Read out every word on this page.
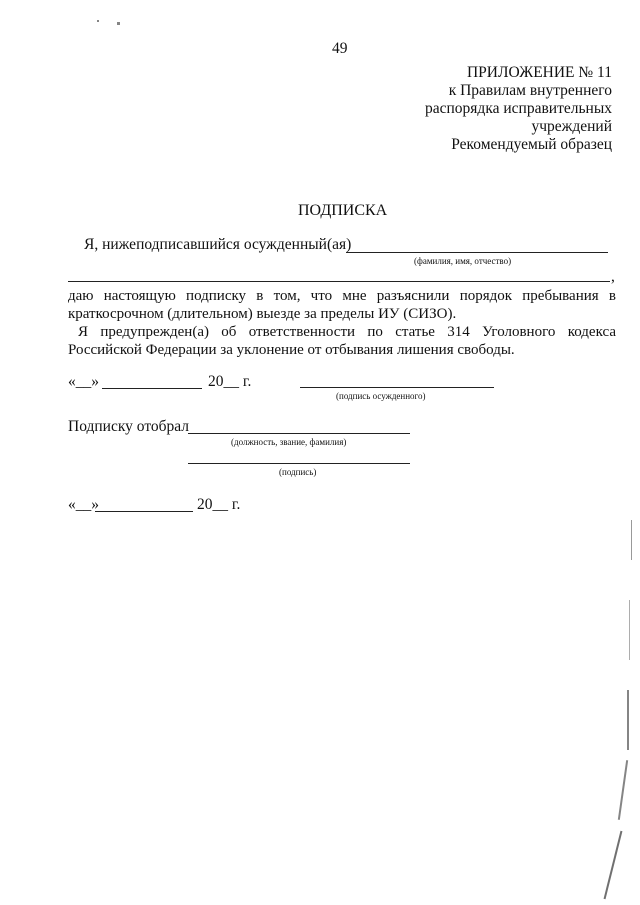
49
ПРИЛОЖЕНИЕ № 11
к Правилам внутреннего
распорядка исправительных
учреждений
Рекомендуемый образец
ПОДПИСКА
Я, нижеподписавшийся осужденный(ая)
(фамилия, имя, отчество)
,
даю настоящую подписку в том, что мне разъяснили порядок пребывания в
краткосрочном (длительном) выезде за пределы ИУ (СИЗО).
Я предупрежден(а) об ответственности по статье 314 Уголовного кодекса
Российской Федерации за уклонение от отбывания лишения свободы.
«__»	20__ г.
(подпись осужденного)
Подписку отобрал
(должность, звание, фамилия)
(подпись)
«__»	20__ г.
